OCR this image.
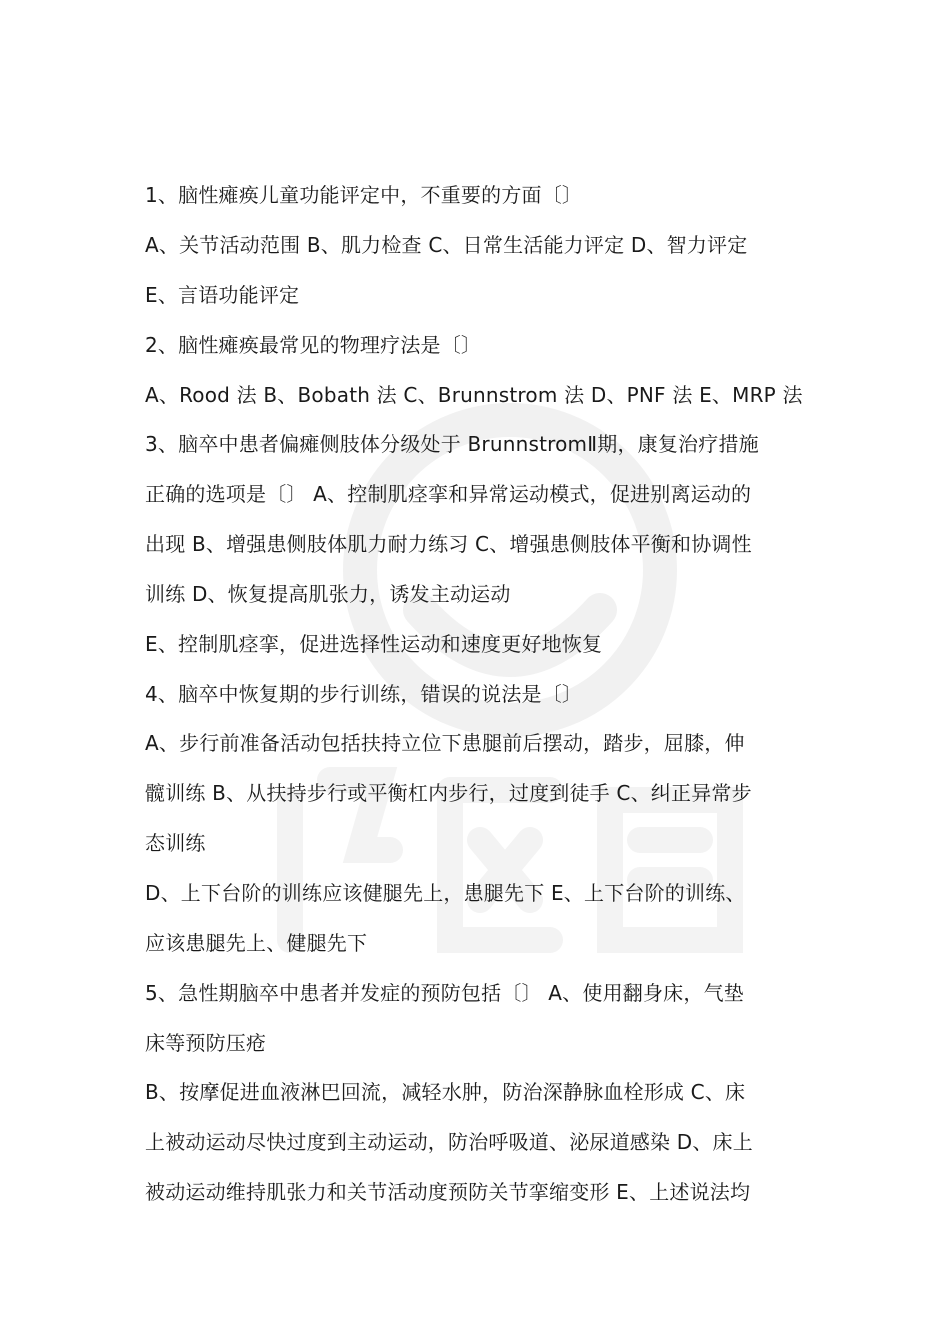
1、脑性瘫痪儿童功能评定中，不重要的方面〔〕
A、关节活动范围 B、肌力检查 C、日常生活能力评定 D、智力评定
E、言语功能评定
2、脑性瘫痪最常见的物理疗法是〔〕
A、Rood 法 B、Bobath 法 C、Brunnstrom 法 D、PNF 法 E、MRP 法
3、脑卒中患者偏瘫侧肢体分级处于 BrunnstromⅡ期，康复治疗措施
正确的选项是〔〕 A、控制肌痉挛和异常运动模式，促进别离运动的
出现 B、增强患侧肢体肌力耐力练习 C、增强患侧肢体平衡和协调性
训练 D、恢复提高肌张力，诱发主动运动
E、控制肌痉挛，促进选择性运动和速度更好地恢复
4、脑卒中恢复期的步行训练，错误的说法是〔〕
A、步行前准备活动包括扶持立位下患腿前后摆动，踏步，屈膝，伸
髋训练 B、从扶持步行或平衡杠内步行，过度到徒手 C、纠正异常步
态训练
D、上下台阶的训练应该健腿先上，患腿先下 E、上下台阶的训练、
应该患腿先上、健腿先下
5、急性期脑卒中患者并发症的预防包括〔〕 A、使用翻身床，气垫
床等预防压疮
B、按摩促进血液淋巴回流，减轻水肿，防治深静脉血栓形成 C、床
上被动运动尽快过度到主动运动，防治呼吸道、泌尿道感染 D、床上
被动运动维持肌张力和关节活动度预防关节挛缩变形 E、上述说法均
